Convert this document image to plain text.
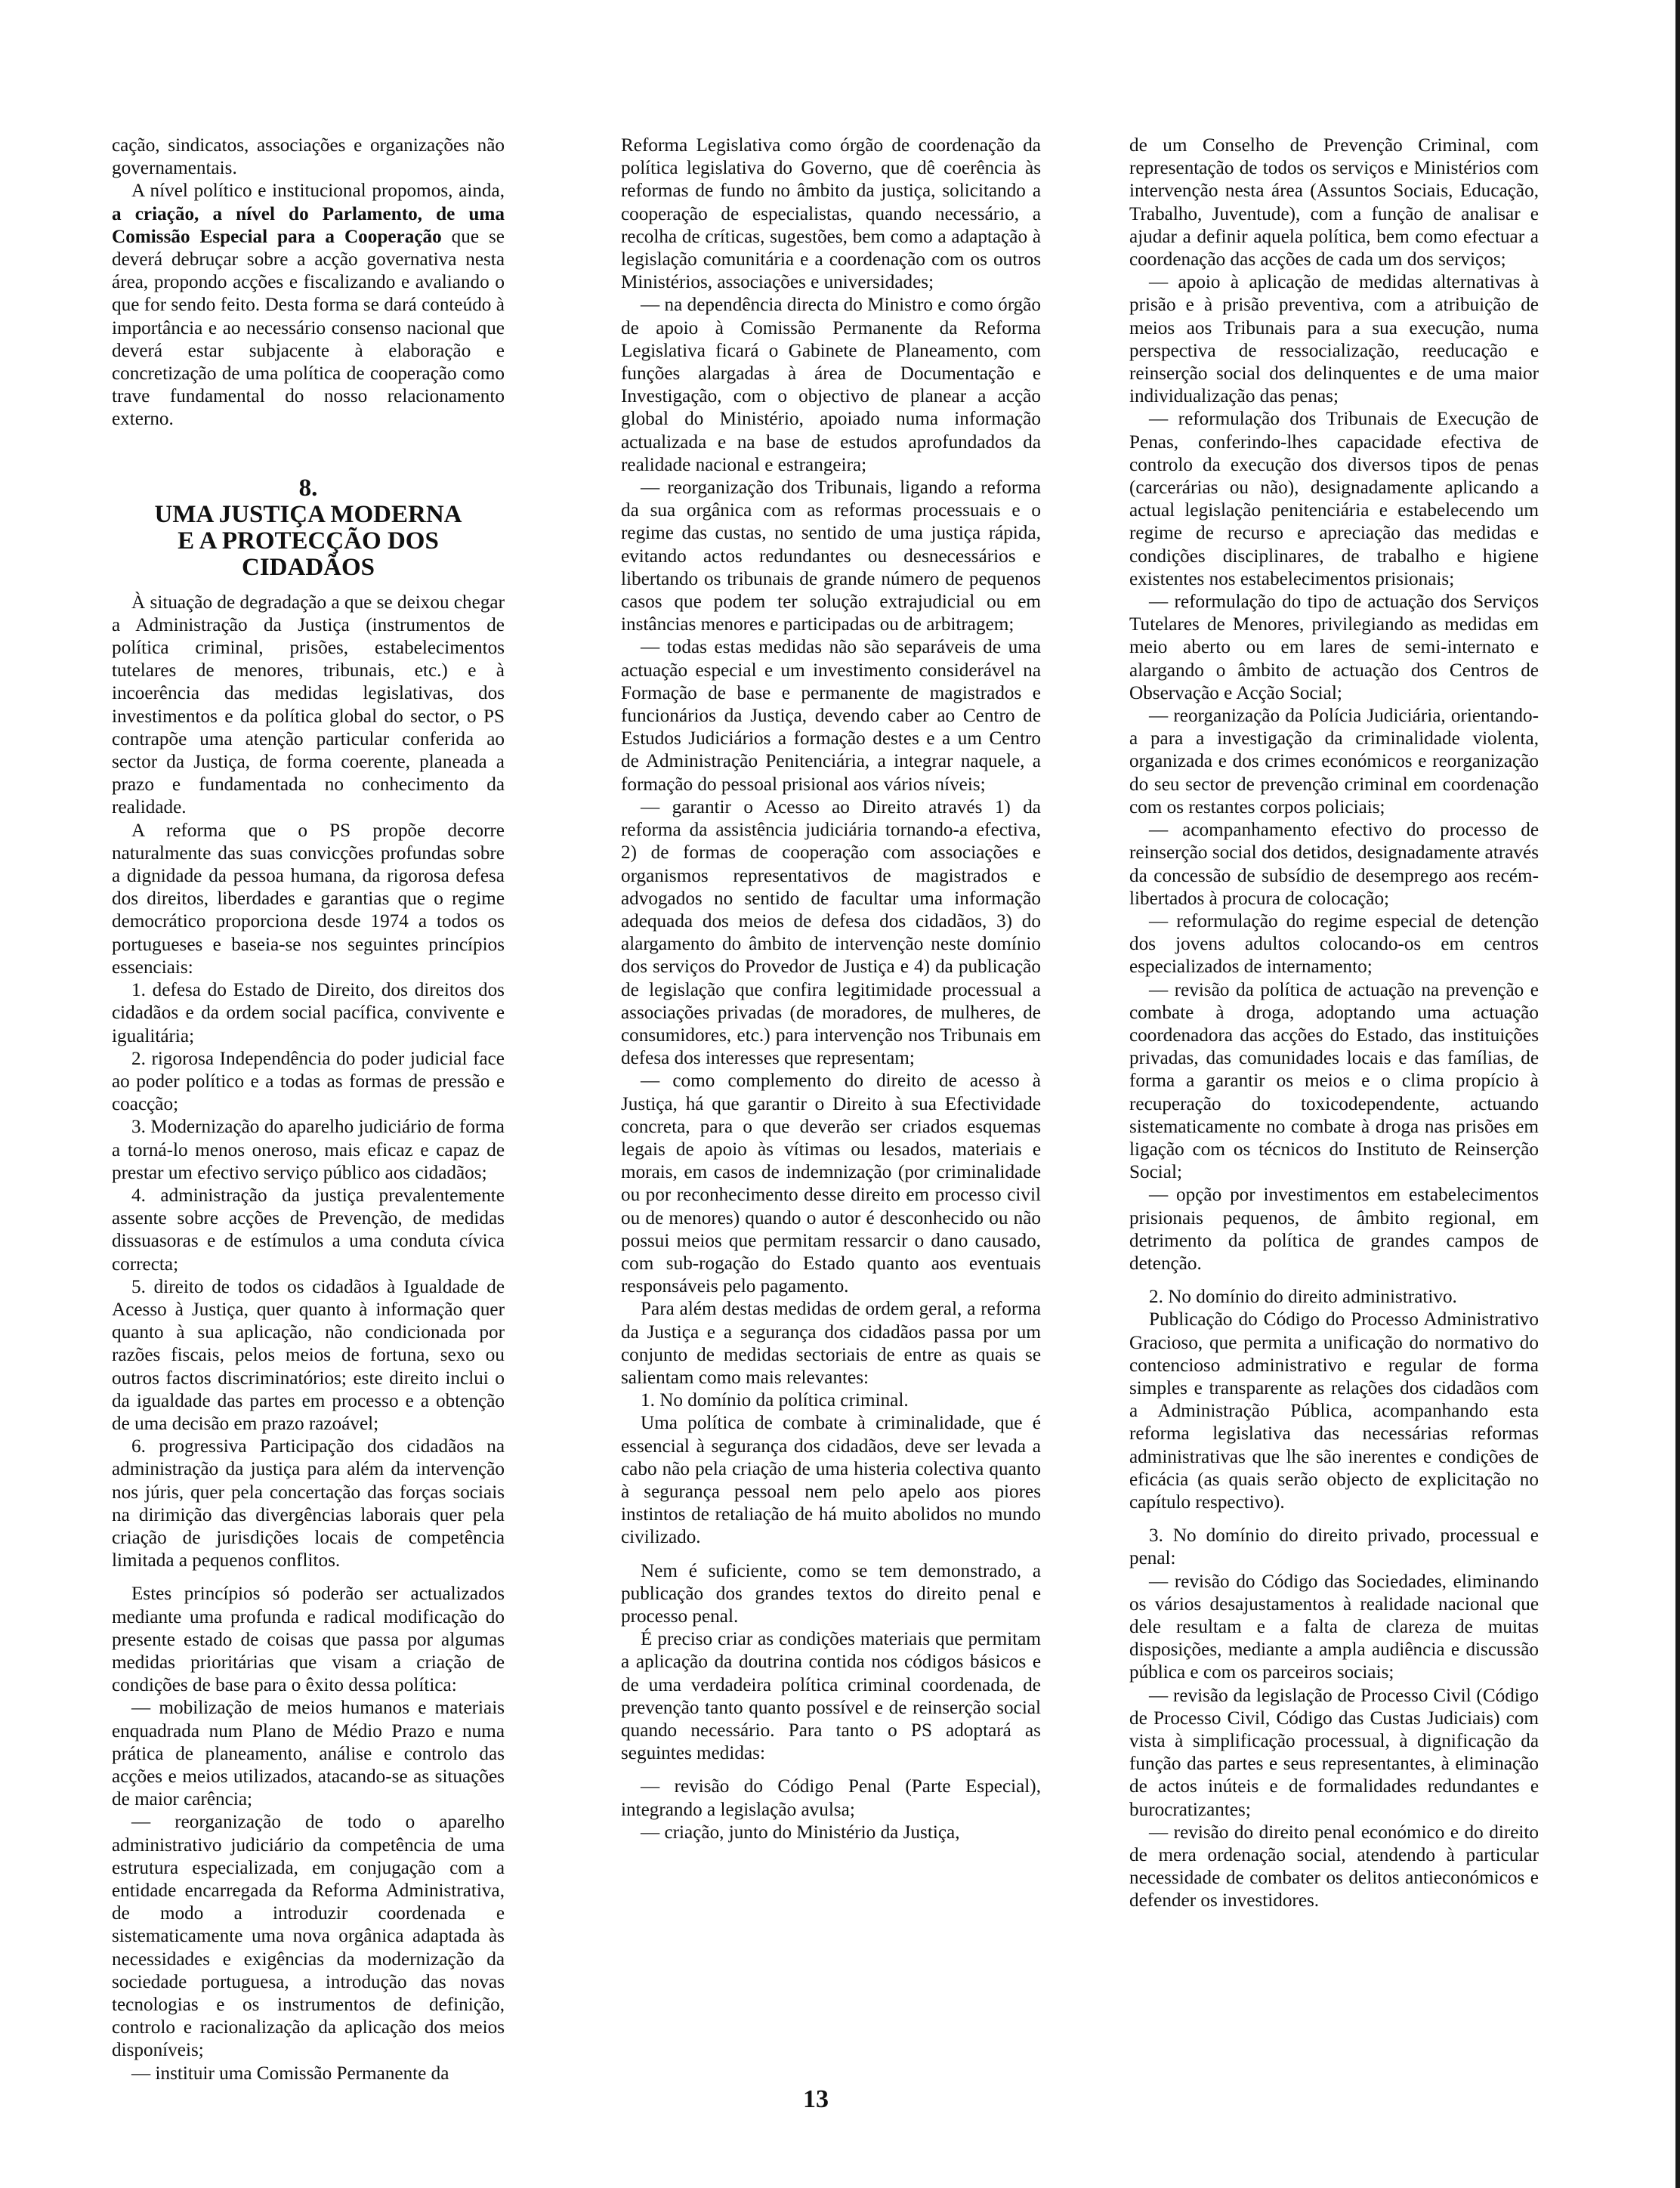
cação, sindicatos, associações e organizações não governamentais.

A nível político e institucional propomos, ainda, a criação, a nível do Parlamento, de uma Comissão Especial para a Cooperação que se deverá debruçar sobre a acção governativa nesta área, propondo acções e fiscalizando e avaliando o que for sendo feito. Desta forma se dará conteúdo à importância e ao necessário consenso nacional que deverá estar subjacente à elaboração e concretização de uma política de cooperação como trave fundamental do nosso relacionamento externo.

8.
UMA JUSTIÇA MODERNA
E A PROTECÇÃO DOS
CIDADÃOS

À situação de degradação a que se deixou chegar a Administração da Justiça (instrumentos de política criminal, prisões, estabelecimentos tutelares de menores, tribunais, etc.) e à incoerência das medidas legislativas, dos investimentos e da política global do sector, o PS contrapõe uma atenção particular conferida ao sector da Justiça, de forma coerente, planeada a prazo e fundamentada no conhecimento da realidade.

A reforma que o PS propõe decorre naturalmente das suas convicções profundas sobre a dignidade da pessoa humana, da rigorosa defesa dos direitos, liberdades e garantias que o regime democrático proporciona desde 1974 a todos os portugueses e baseia-se nos seguintes princípios essenciais:

1. defesa do Estado de Direito, dos direitos dos cidadãos e da ordem social pacífica, convivente e igualitária;

2. rigorosa Independência do poder judicial face ao poder político e a todas as formas de pressão e coacção;

3. Modernização do aparelho judiciário de forma a torná-lo menos oneroso, mais eficaz e capaz de prestar um efectivo serviço público aos cidadãos;

4. administração da justiça prevalentemente assente sobre acções de Prevenção, de medidas dissuasoras e de estímulos a uma conduta cívica correcta;

5. direito de todos os cidadãos à Igualdade de Acesso à Justiça, quer quanto à informação quer quanto à sua aplicação, não condicionada por razões fiscais, pelos meios de fortuna, sexo ou outros factos discriminatórios; este direito inclui o da igualdade das partes em processo e a obtenção de uma decisão em prazo razoável;

6. progressiva Participação dos cidadãos na administração da justiça para além da intervenção nos júris, quer pela concertação das forças sociais na dirimição das divergências laborais quer pela criação de jurisdições locais de competência limitada a pequenos conflitos.

Estes princípios só poderão ser actualizados mediante uma profunda e radical modificação do presente estado de coisas que passa por algumas medidas prioritárias que visam a criação de condições de base para o êxito dessa política:

— mobilização de meios humanos e materiais enquadrada num Plano de Médio Prazo e numa prática de planeamento, análise e controlo das acções e meios utilizados, atacando-se as situações de maior carência;

— reorganização de todo o aparelho administrativo judiciário da competência de uma estrutura especializada, em conjugação com a entidade encarregada da Reforma Administrativa, de modo a introduzir coordenada e sistematicamente uma nova orgânica adaptada às necessidades e exigências da modernização da sociedade portuguesa, a introdução das novas tecnologias e os instrumentos de definição, controlo e racionalização da aplicação dos meios disponíveis;

— instituir uma Comissão Permanente da

Reforma Legislativa como órgão de coordenação da política legislativa do Governo, que dê coerência às reformas de fundo no âmbito da justiça, solicitando a cooperação de especialistas, quando necessário, a recolha de críticas, sugestões, bem como a adaptação à legislação comunitária e a coordenação com os outros Ministérios, associações e universidades;

— na dependência directa do Ministro e como órgão de apoio à Comissão Permanente da Reforma Legislativa ficará o Gabinete de Planeamento, com funções alargadas à área de Documentação e Investigação, com o objectivo de planear a acção global do Ministério, apoiado numa informação actualizada e na base de estudos aprofundados da realidade nacional e estrangeira;

— reorganização dos Tribunais, ligando a reforma da sua orgânica com as reformas processuais e o regime das custas, no sentido de uma justiça rápida, evitando actos redundantes ou desnecessários e libertando os tribunais de grande número de pequenos casos que podem ter solução extrajudicial ou em instâncias menores e participadas ou de arbitragem;

— todas estas medidas não são separáveis de uma actuação especial e um investimento considerável na Formação de base e permanente de magistrados e funcionários da Justiça, devendo caber ao Centro de Estudos Judiciários a formação destes e a um Centro de Administração Penitenciária, a integrar naquele, a formação do pessoal prisional aos vários níveis;

— garantir o Acesso ao Direito através 1) da reforma da assistência judiciária tornando-a efectiva, 2) de formas de cooperação com associações e organismos representativos de magistrados e advogados no sentido de facultar uma informação adequada dos meios de defesa dos cidadãos, 3) do alargamento do âmbito de intervenção neste domínio dos serviços do Provedor de Justiça e 4) da publicação de legislação que confira legitimidade processual a associações privadas (de moradores, de mulheres, de consumidores, etc.) para intervenção nos Tribunais em defesa dos interesses que representam;

— como complemento do direito de acesso à Justiça, há que garantir o Direito à sua Efectividade concreta, para o que deverão ser criados esquemas legais de apoio às vítimas ou lesados, materiais e morais, em casos de indemnização (por criminalidade ou por reconhecimento desse direito em processo civil ou de menores) quando o autor é desconhecido ou não possui meios que permitam ressarcir o dano causado, com sub-rogação do Estado quanto aos eventuais responsáveis pelo pagamento.

Para além destas medidas de ordem geral, a reforma da Justiça e a segurança dos cidadãos passa por um conjunto de medidas sectoriais de entre as quais se salientam como mais relevantes:

1. No domínio da política criminal.

Uma política de combate à criminalidade, que é essencial à segurança dos cidadãos, deve ser levada a cabo não pela criação de uma histeria colectiva quanto à segurança pessoal nem pelo apelo aos piores instintos de retaliação de há muito abolidos no mundo civilizado.

Nem é suficiente, como se tem demonstrado, a publicação dos grandes textos do direito penal e processo penal.

É preciso criar as condições materiais que permitam a aplicação da doutrina contida nos códigos básicos e de uma verdadeira política criminal coordenada, de prevenção tanto quanto possível e de reinserção social quando necessário. Para tanto o PS adoptará as seguintes medidas:

— revisão do Código Penal (Parte Especial), integrando a legislação avulsa;

— criação, junto do Ministério da Justiça,

de um Conselho de Prevenção Criminal, com representação de todos os serviços e Ministérios com intervenção nesta área (Assuntos Sociais, Educação, Trabalho, Juventude), com a função de analisar e ajudar a definir aquela política, bem como efectuar a coordenação das acções de cada um dos serviços;

— apoio à aplicação de medidas alternativas à prisão e à prisão preventiva, com a atribuição de meios aos Tribunais para a sua execução, numa perspectiva de ressocialização, reeducação e reinserção social dos delinquentes e de uma maior individualização das penas;

— reformulação dos Tribunais de Execução de Penas, conferindo-lhes capacidade efectiva de controlo da execução dos diversos tipos de penas (carcerárias ou não), designadamente aplicando a actual legislação penitenciária e estabelecendo um regime de recurso e apreciação das medidas e condições disciplinares, de trabalho e higiene existentes nos estabelecimentos prisionais;

— reformulação do tipo de actuação dos Serviços Tutelares de Menores, privilegiando as medidas em meio aberto ou em lares de semi-internato e alargando o âmbito de actuação dos Centros de Observação e Acção Social;

— reorganização da Polícia Judiciária, orientando-a para a investigação da criminalidade violenta, organizada e dos crimes económicos e reorganização do seu sector de prevenção criminal em coordenação com os restantes corpos policiais;

— acompanhamento efectivo do processo de reinserção social dos detidos, designadamente através da concessão de subsídio de desemprego aos recém-libertados à procura de colocação;

— reformulação do regime especial de detenção dos jovens adultos colocando-os em centros especializados de internamento;

— revisão da política de actuação na prevenção e combate à droga, adoptando uma actuação coordenadora das acções do Estado, das instituições privadas, das comunidades locais e das famílias, de forma a garantir os meios e o clima propício à recuperação do toxicodependente, actuando sistematicamente no combate à droga nas prisões em ligação com os técnicos do Instituto de Reinserção Social;

— opção por investimentos em estabelecimentos prisionais pequenos, de âmbito regional, em detrimento da política de grandes campos de detenção.

2. No domínio do direito administrativo.

Publicação do Código do Processo Administrativo Gracioso, que permita a unificação do normativo do contencioso administrativo e regular de forma simples e transparente as relações dos cidadãos com a Administração Pública, acompanhando esta reforma legislativa das necessárias reformas administrativas que lhe são inerentes e condições de eficácia (as quais serão objecto de explicitação no capítulo respectivo).

3. No domínio do direito privado, processual e penal:

— revisão do Código das Sociedades, eliminando os vários desajustamentos à realidade nacional que dele resultam e a falta de clareza de muitas disposições, mediante a ampla audiência e discussão pública e com os parceiros sociais;

— revisão da legislação de Processo Civil (Código de Processo Civil, Código das Custas Judiciais) com vista à simplificação processual, à dignificação da função das partes e seus representantes, à eliminação de actos inúteis e de formalidades redundantes e burocratizantes;

— revisão do direito penal económico e do direito de mera ordenação social, atendendo à particular necessidade de combater os delitos antieconómicos e defender os investidores.

13
